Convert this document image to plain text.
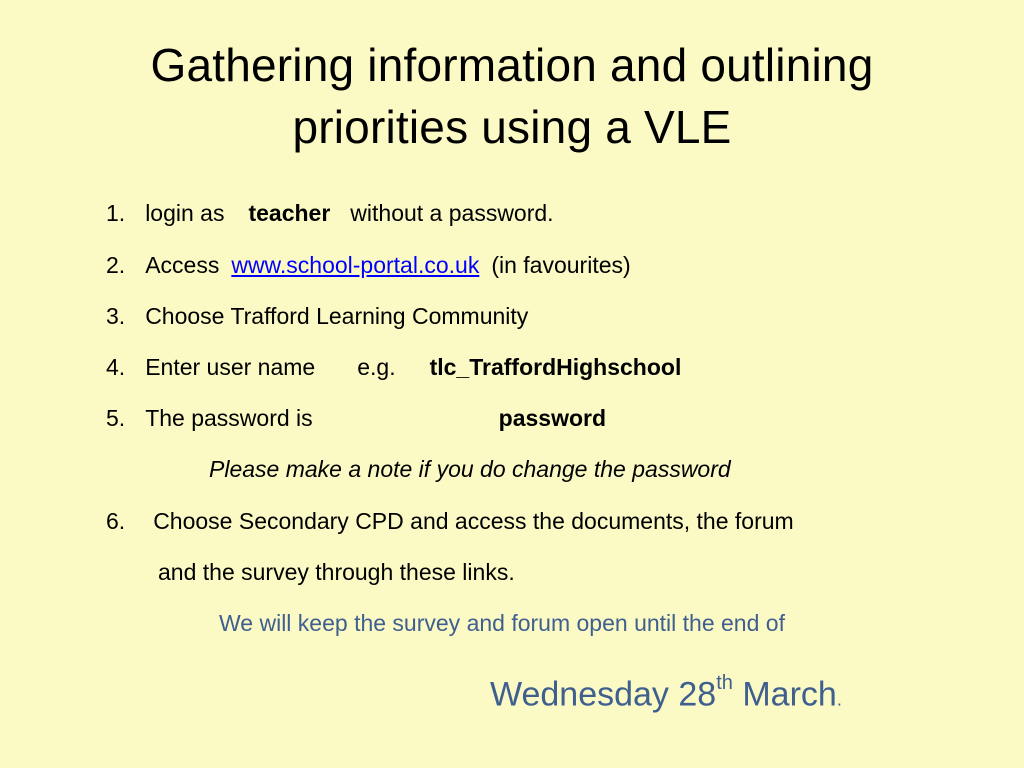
Gathering information and outlining
priorities using a VLE
1. login as teacher without a password.
2. Access www.school-portal.co.uk (in favourites)
3. Choose Trafford Learning Community
4. Enter user name e.g. tlc_TraffordHighschool
5. The password is	password
Please make a note if you do change the password
6. Choose Secondary CPD and access the documents, the forum
and the survey through these links.
We will keep the survey and forum open until the end of
Wednesday 28th March.
